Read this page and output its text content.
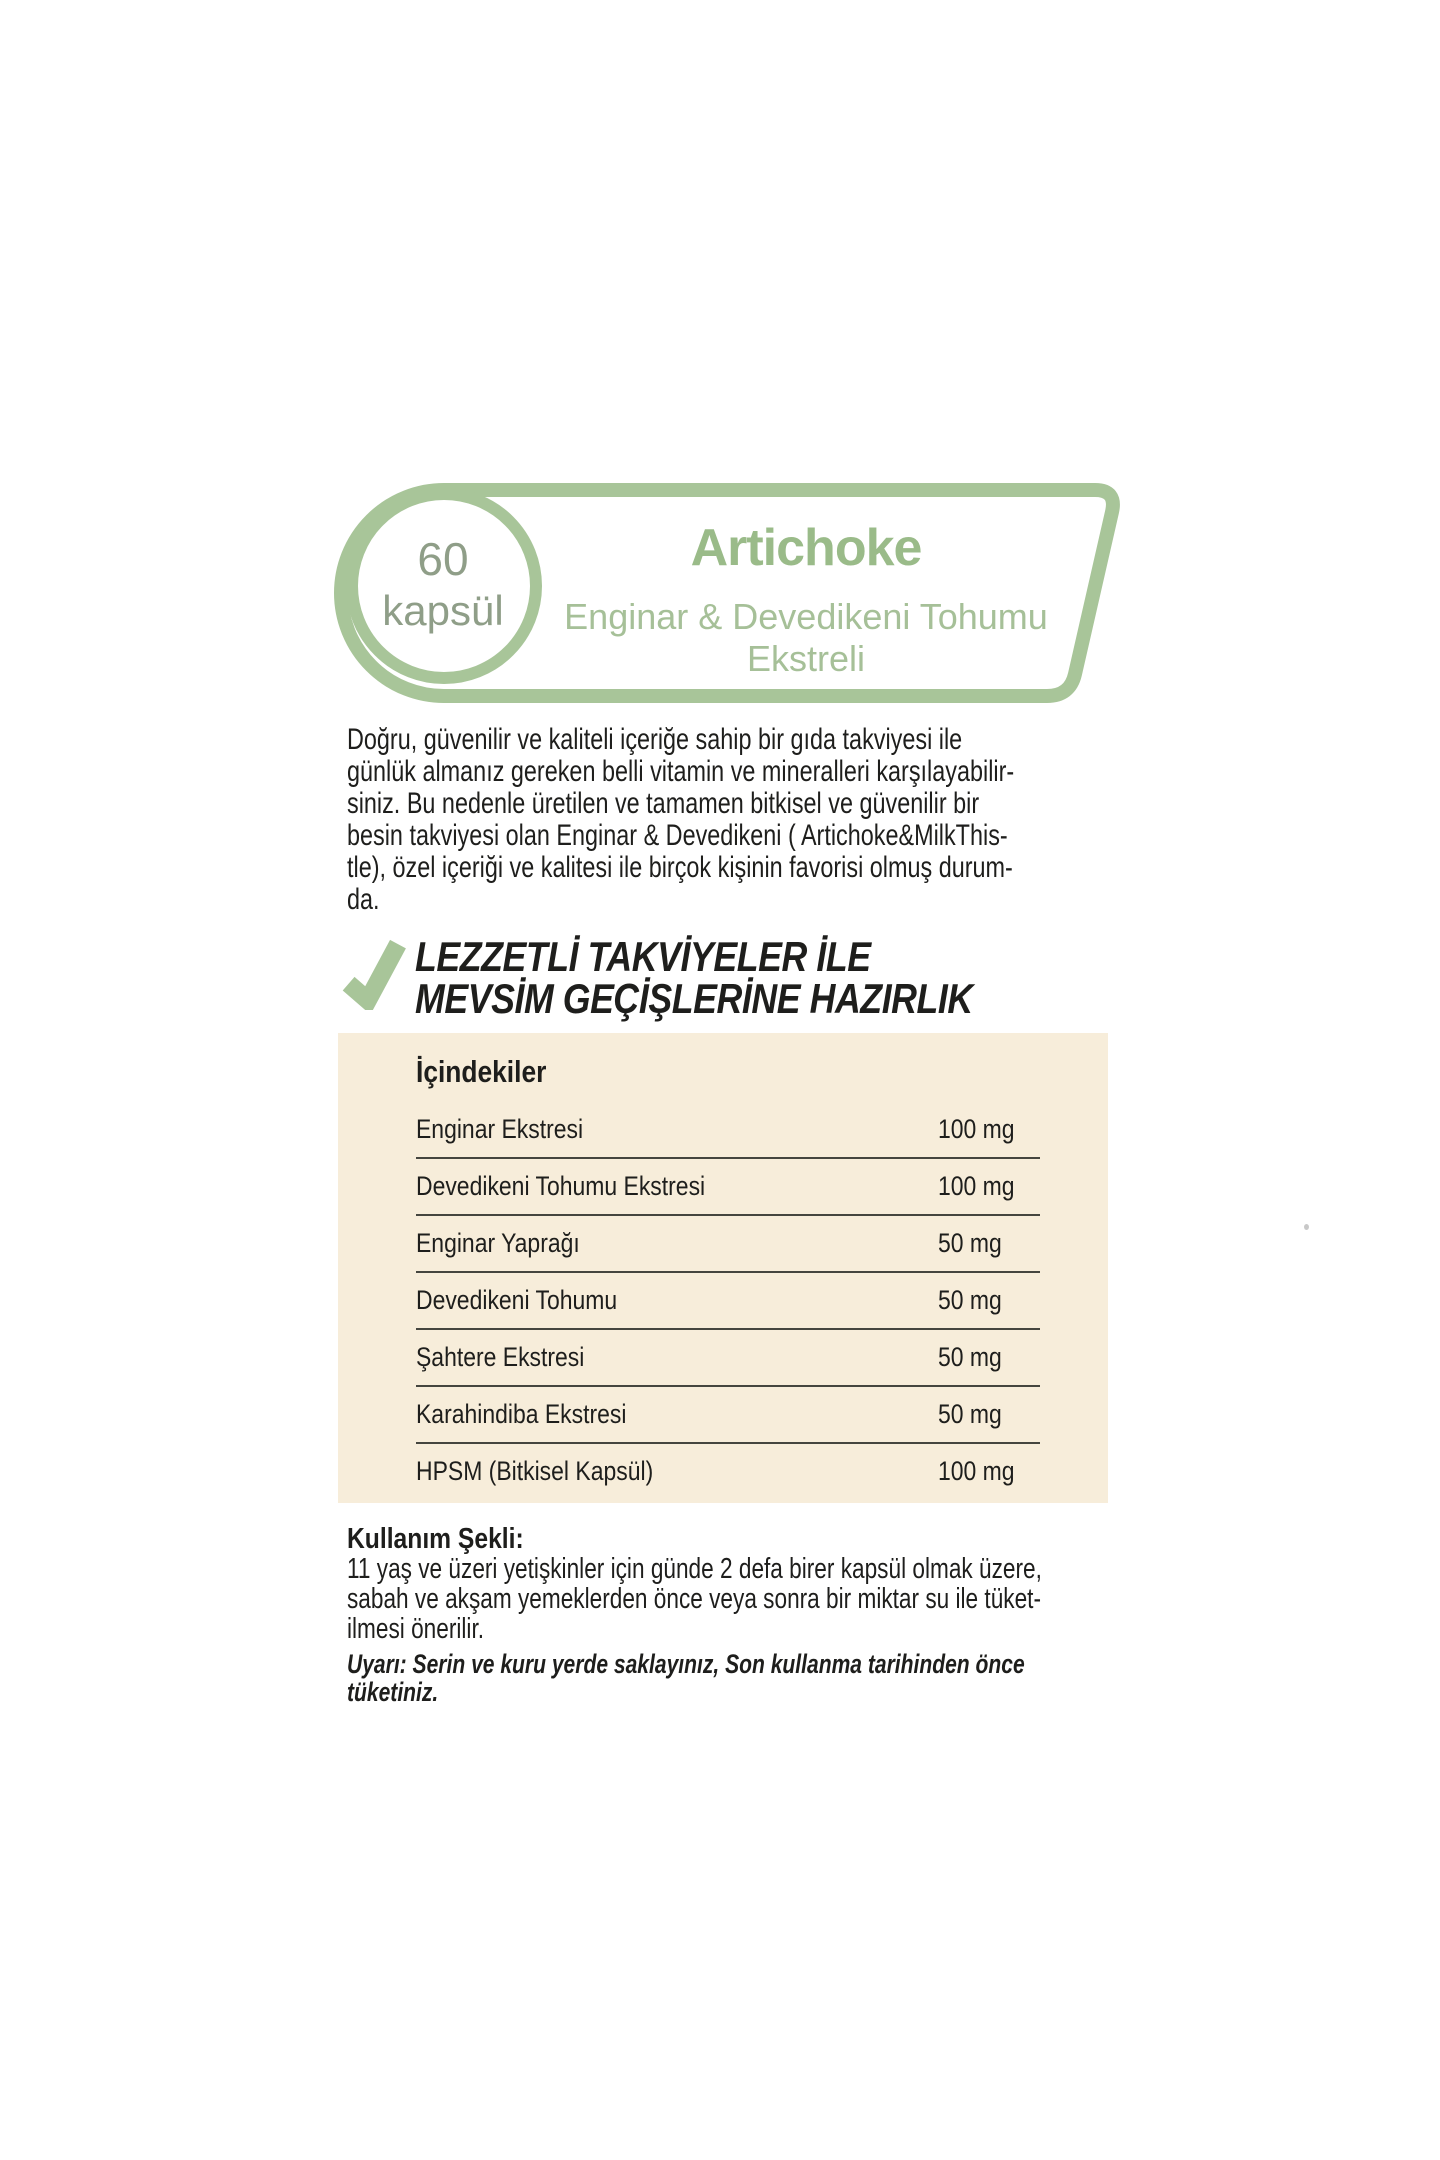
60
kapsül
Artichoke
Enginar & Devedikeni Tohumu
Ekstreli
Doğru, güvenilir ve kaliteli içeriğe sahip bir gıda takviyesi ile
günlük almanız gereken belli vitamin ve mineralleri karşılayabilir-
siniz. Bu nedenle üretilen ve tamamen bitkisel ve güvenilir bir
besin takviyesi olan Enginar & Devedikeni ( Artichoke&MilkThis-
tle), özel içeriği ve kalitesi ile birçok kişinin favorisi olmuş durum-
da.
LEZZETLİ TAKVİYELER İLE
MEVSİM GEÇİŞLERİNE HAZIRLIK
İçindekiler
Enginar Ekstresi	100 mg
Devedikeni Tohumu Ekstresi	100 mg
Enginar Yaprağı	50 mg
Devedikeni Tohumu	50 mg
Şahtere Ekstresi	50 mg
Karahindiba Ekstresi	50 mg
HPSM (Bitkisel Kapsül)	100 mg
Kullanım Şekli:
11 yaş ve üzeri yetişkinler için günde 2 defa birer kapsül olmak üzere,
sabah ve akşam yemeklerden önce veya sonra bir miktar su ile tüket-
ilmesi önerilir.
Uyarı: Serin ve kuru yerde saklayınız, Son kullanma tarihinden önce
tüketiniz.
